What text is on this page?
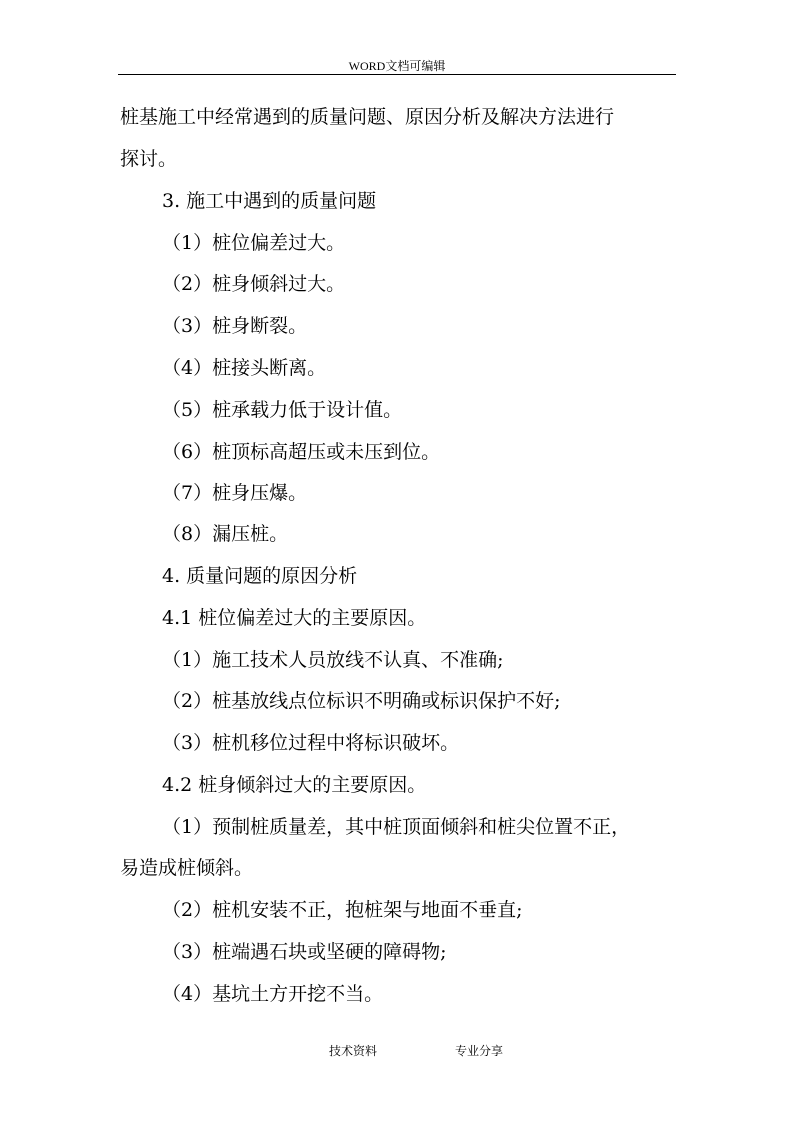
WORD文档可编辑
桩基施工中经常遇到的质量问题、原因分析及解决方法进行
探讨。
3. 施工中遇到的质量问题
（1）桩位偏差过大。
（2）桩身倾斜过大。
（3）桩身断裂。
（4）桩接头断离。
（5）桩承载力低于设计值。
（6）桩顶标高超压或未压到位。
（7）桩身压爆。
（8）漏压桩。
4. 质量问题的原因分析
4.1 桩位偏差过大的主要原因。
（1）施工技术人员放线不认真、不准确;
（2）桩基放线点位标识不明确或标识保护不好;
（3）桩机移位过程中将标识破坏。
4.2 桩身倾斜过大的主要原因。
（1）预制桩质量差，其中桩顶面倾斜和桩尖位置不正，
易造成桩倾斜。
（2）桩机安装不正，抱桩架与地面不垂直;
（3）桩端遇石块或坚硬的障碍物;
（4）基坑土方开挖不当。
技术资料	专业分享
